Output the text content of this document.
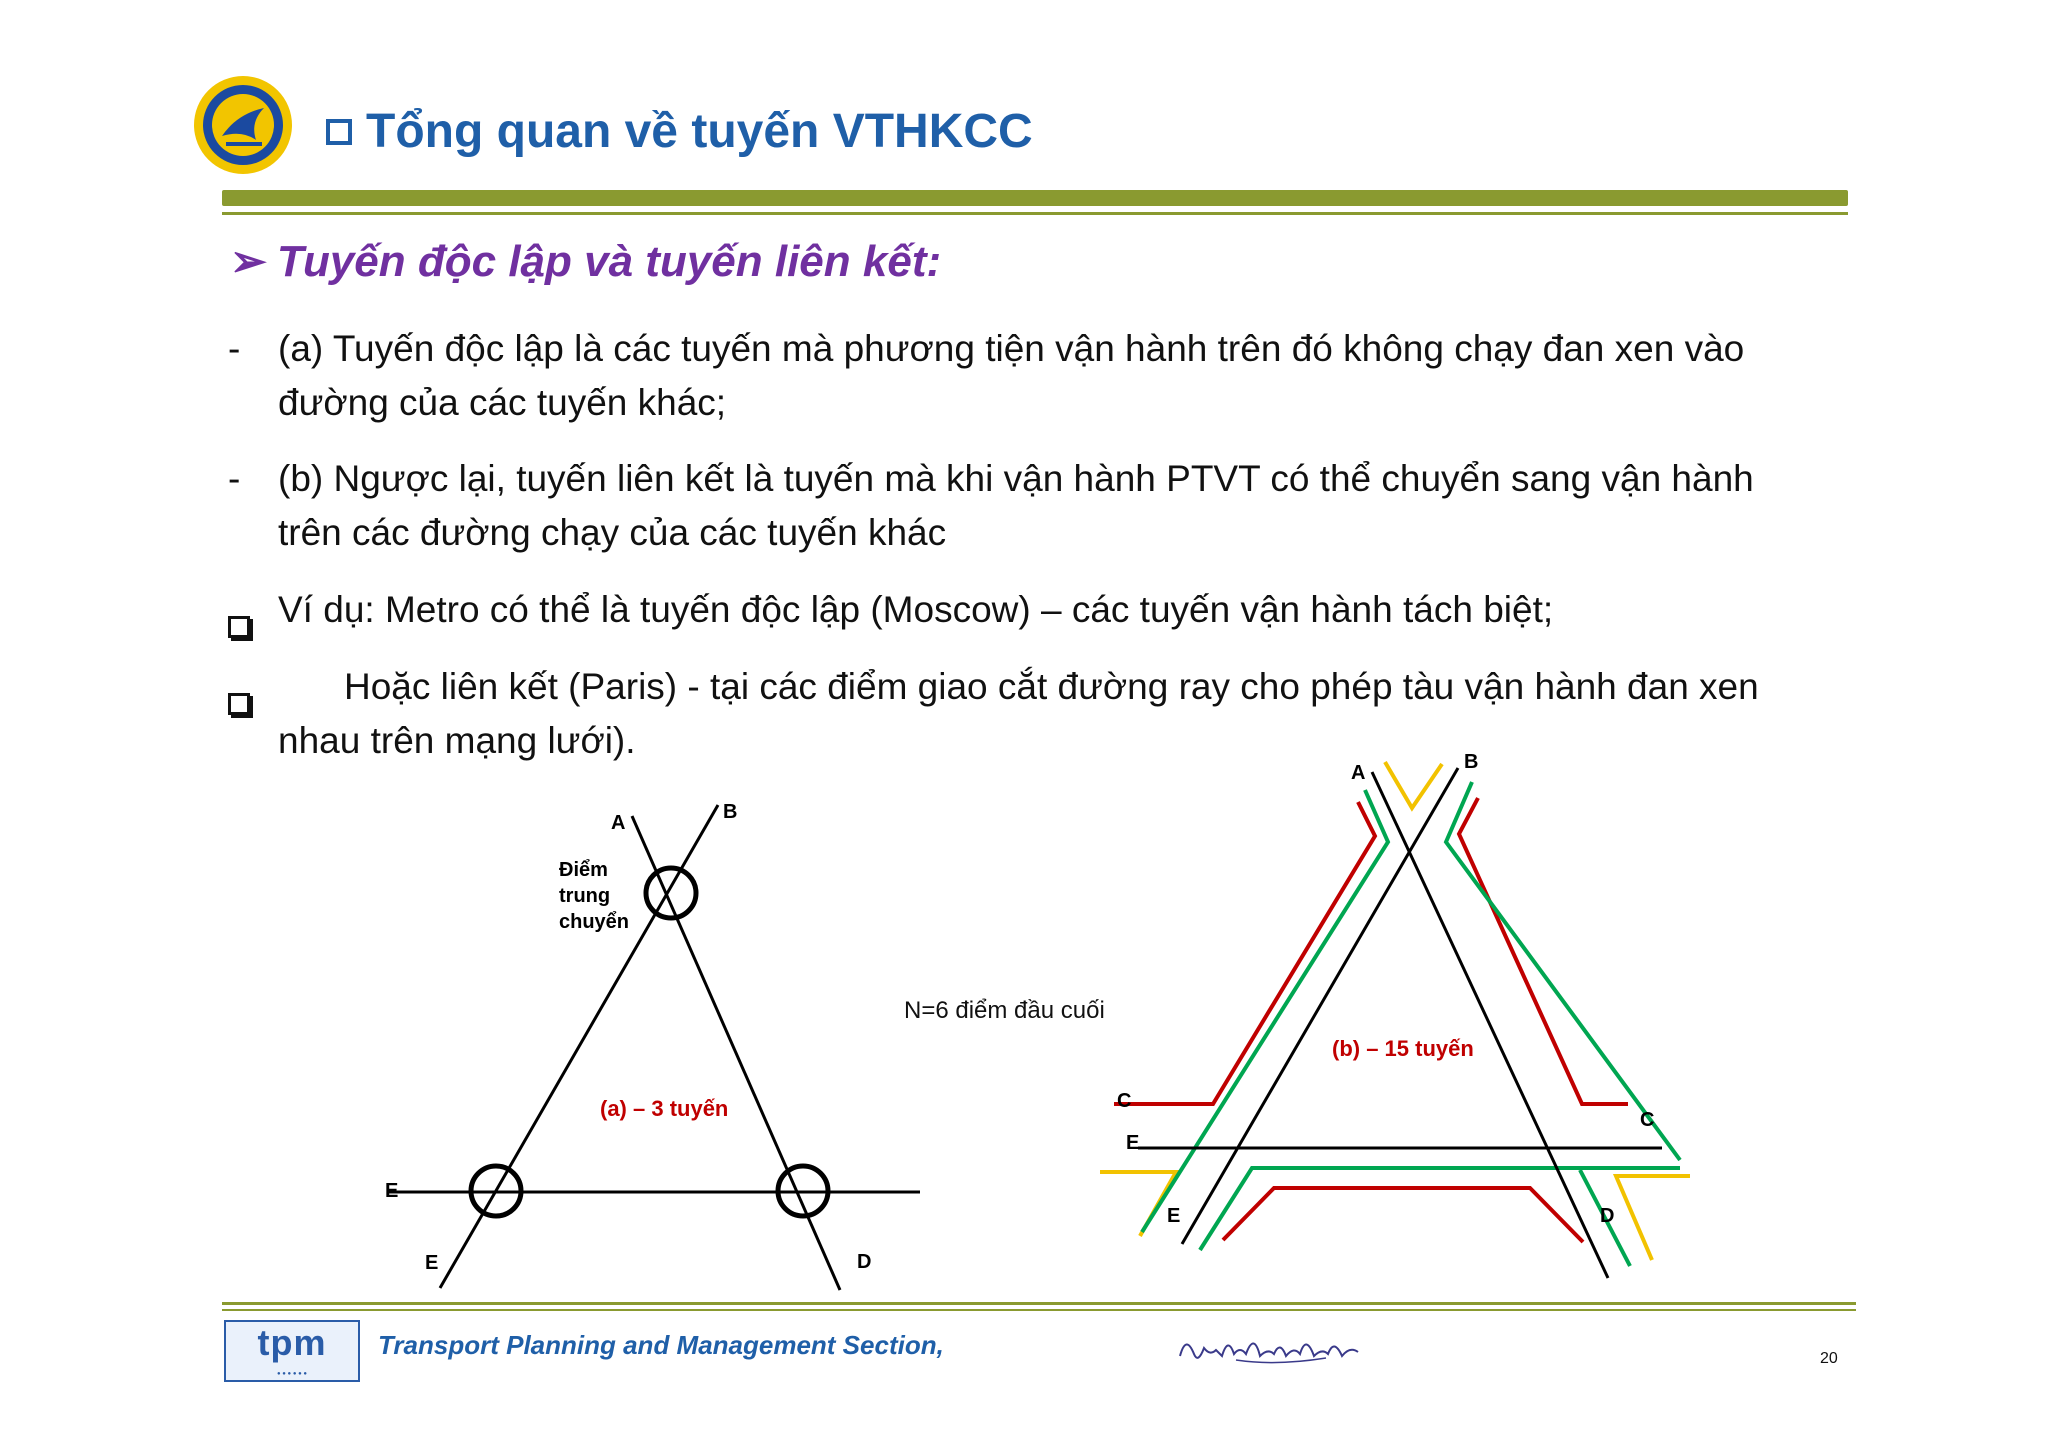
Tổng quan về tuyến VTHKCC
➢ Tuyến độc lập và tuyến liên kết:
-	(a) Tuyến độc lập là các tuyến mà phương tiện vận hành trên đó không chạy đan xen vào đường của các tuyến khác;
-	(b) Ngược lại, tuyến liên kết là tuyến mà khi vận hành PTVT có thể chuyển sang vận hành trên các đường chạy của các tuyến khác
Ví dụ: Metro có thể là tuyến độc lập (Moscow) – các tuyến vận hành tách biệt;
Hoặc liên kết (Paris) - tại các điểm giao cắt đường ray cho phép tàu vận hành đan xen nhau trên mạng lưới).
A	B
E
E	D
Điểm
trung
chuyển
(a) – 3 tuyến
N=6 điểm đầu cuối
A	B
C
C
E
E	D
(b) – 15 tuyến
tpm
● ● ● ● ● ●
Transport Planning and Management Section,	20
